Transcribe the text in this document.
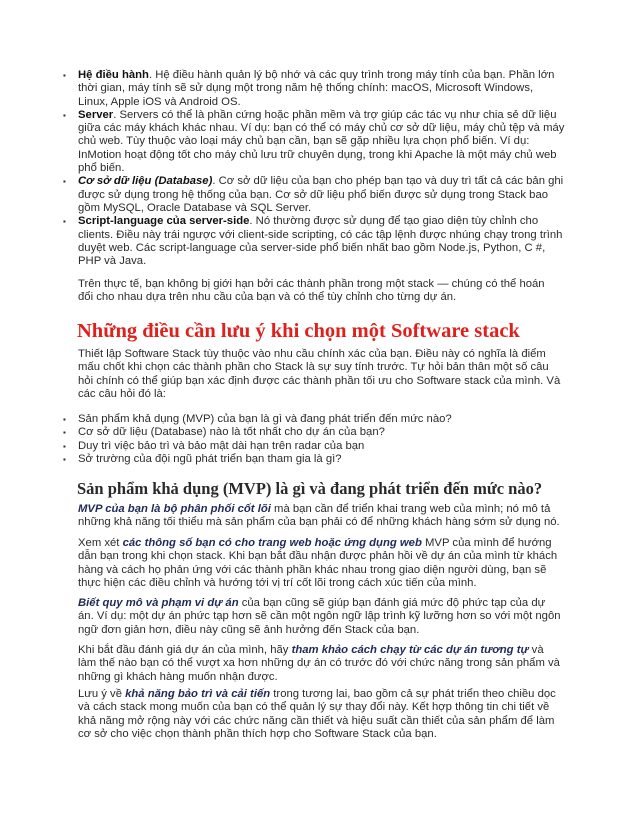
▪	Hệ điều hành. Hệ điều hành quản lý bộ nhớ và các quy trình trong máy tính của bạn. Phần lớn thời gian, máy tính sẽ sử dụng một trong năm hệ thống chính: macOS, Microsoft Windows, Linux, Apple iOS và Android OS.
▪	Server. Servers có thể là phần cứng hoặc phần mềm và trợ giúp các tác vụ như chia sẻ dữ liệu giữa các máy khách khác nhau. Ví dụ: bạn có thể có máy chủ cơ sở dữ liệu, máy chủ tệp và máy chủ web. Tùy thuộc vào loại máy chủ bạn cần, bạn sẽ gặp nhiều lựa chọn phổ biến. Ví dụ: InMotion hoạt động tốt cho máy chủ lưu trữ chuyên dụng, trong khi Apache là một máy chủ web phổ biến.
▪	Cơ sở dữ liệu (Database). Cơ sở dữ liệu của bạn cho phép bạn tạo và duy trì tất cả các bản ghi được sử dụng trong hệ thống của bạn. Cơ sở dữ liệu phổ biến được sử dụng trong Stack bao gồm MySQL, Oracle Database và SQL Server.
▪	Script-language của server-side. Nó thường được sử dụng để tạo giao diện tùy chỉnh cho clients. Điều này trái ngược với client-side scripting, có các tập lệnh được nhúng chạy trong trình duyệt web. Các script-language của server-side phổ biến nhất bao gồm Node.js, Python, C #, PHP và Java.

Trên thực tế, bạn không bị giới hạn bởi các thành phần trong một stack — chúng có thể hoán đổi cho nhau dựa trên nhu cầu của bạn và có thể tùy chỉnh cho từng dự án.

Những điều cần lưu ý khi chọn một Software stack

Thiết lập Software Stack tùy thuộc vào nhu cầu chính xác của bạn. Điều này có nghĩa là điểm mấu chốt khi chọn các thành phần cho Stack là sự suy tính trước. Tự hỏi bản thân một số câu hỏi chính có thể giúp bạn xác định được các thành phần tối ưu cho Software stack của mình. Và các câu hỏi đó là:

▪	Sản phẩm khả dụng (MVP) của bạn là gì và đang phát triển đến mức nào?
▪	Cơ sở dữ liệu (Database) nào là tốt nhất cho dự án của bạn?
▪	Duy trì việc bảo trì và bảo mật dài hạn trên radar của bạn
▪	Sở trường của đội ngũ phát triển bạn tham gia là gì?
Sản phẩm khả dụng (MVP) là gì và đang phát triển đến mức nào?

MVP của bạn là bộ phân phối cốt lõi mà bạn cần để triển khai trang web của mình; nó mô tả những khả năng tối thiểu mà sản phẩm của bạn phải có để những khách hàng sớm sử dụng nó.

Xem xét các thông số bạn có cho trang web hoặc ứng dụng web MVP của mình để hướng dẫn bạn trong khi chọn stack. Khi bạn bắt đầu nhận được phản hồi về dự án của mình từ khách hàng và cách họ phản ứng với các thành phần khác nhau trong giao diện người dùng, bạn sẽ thực hiện các điều chỉnh và hướng tới vị trí cốt lõi trong cách xúc tiến của mình.

Biết quy mô và phạm vi dự án của bạn cũng sẽ giúp bạn đánh giá mức độ phức tạp của dự án. Ví dụ: một dự án phức tạp hơn sẽ cần một ngôn ngữ lập trình kỹ lưỡng hơn so với một ngôn ngữ đơn giản hơn, điều này cũng sẽ ảnh hưởng đến Stack của bạn.

Khi bắt đầu đánh giá dự án của mình, hãy tham khảo cách chạy từ các dự án tương tự và làm thế nào bạn có thể vượt xa hơn những dự án có trước đó với chức năng trong sản phẩm và những gì khách hàng muốn nhận được.

Lưu ý về khả năng bảo trì và cải tiến trong tương lai, bao gồm cả sự phát triển theo chiều dọc và cách stack mong muốn của bạn có thể quản lý sự thay đổi này. Kết hợp thông tin chi tiết về khả năng mở rộng này với các chức năng cần thiết và hiệu suất cần thiết của sản phẩm để làm cơ sở cho việc chọn thành phần thích hợp cho Software Stack của bạn.
